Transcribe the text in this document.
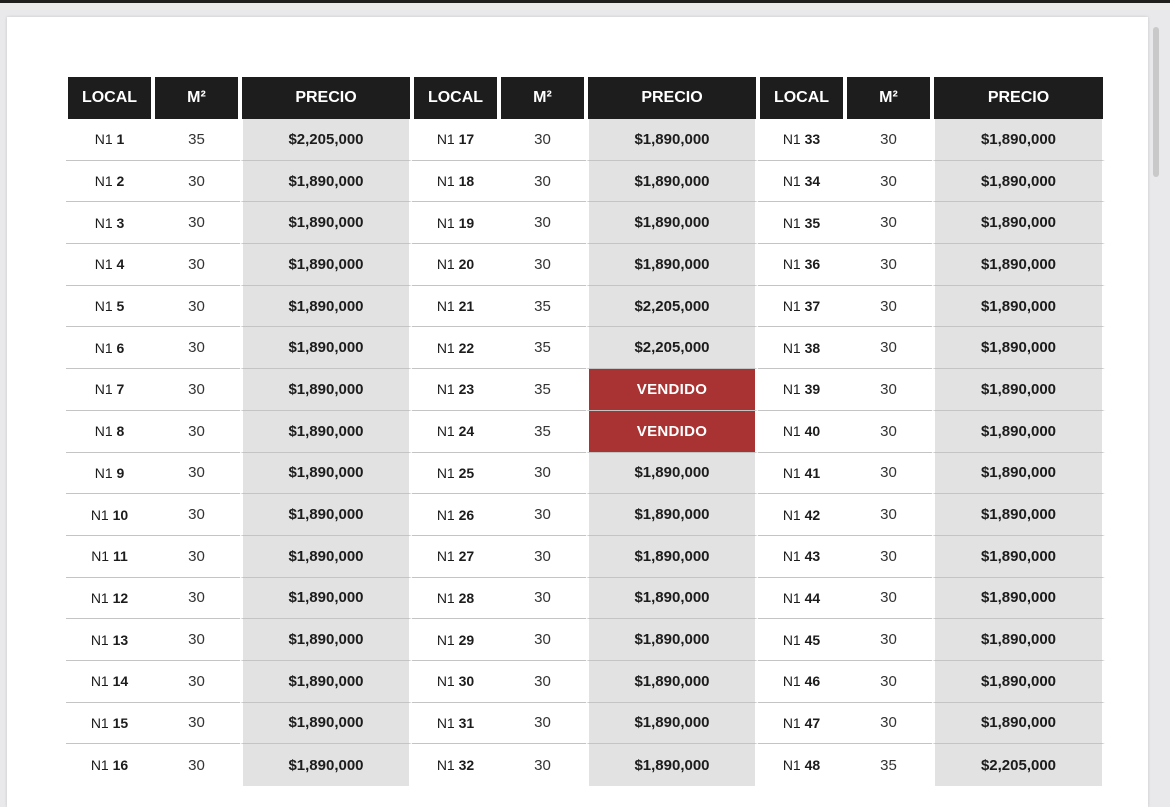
LOCAL	M²	PRECIO	LOCAL	M²	PRECIO	LOCAL	M²	PRECIO
N1 1	35	$2,205,000	N1 17	30	$1,890,000	N1 33	30	$1,890,000
N1 2	30	$1,890,000	N1 18	30	$1,890,000	N1 34	30	$1,890,000
N1 3	30	$1,890,000	N1 19	30	$1,890,000	N1 35	30	$1,890,000
N1 4	30	$1,890,000	N1 20	30	$1,890,000	N1 36	30	$1,890,000
N1 5	30	$1,890,000	N1 21	35	$2,205,000	N1 37	30	$1,890,000
N1 6	30	$1,890,000	N1 22	35	$2,205,000	N1 38	30	$1,890,000
N1 7	30	$1,890,000	N1 23	35	VENDIDO	N1 39	30	$1,890,000
N1 8	30	$1,890,000	N1 24	35	VENDIDO	N1 40	30	$1,890,000
N1 9	30	$1,890,000	N1 25	30	$1,890,000	N1 41	30	$1,890,000
N1 10	30	$1,890,000	N1 26	30	$1,890,000	N1 42	30	$1,890,000
N1 11	30	$1,890,000	N1 27	30	$1,890,000	N1 43	30	$1,890,000
N1 12	30	$1,890,000	N1 28	30	$1,890,000	N1 44	30	$1,890,000
N1 13	30	$1,890,000	N1 29	30	$1,890,000	N1 45	30	$1,890,000
N1 14	30	$1,890,000	N1 30	30	$1,890,000	N1 46	30	$1,890,000
N1 15	30	$1,890,000	N1 31	30	$1,890,000	N1 47	30	$1,890,000
N1 16	30	$1,890,000	N1 32	30	$1,890,000	N1 48	35	$2,205,000
